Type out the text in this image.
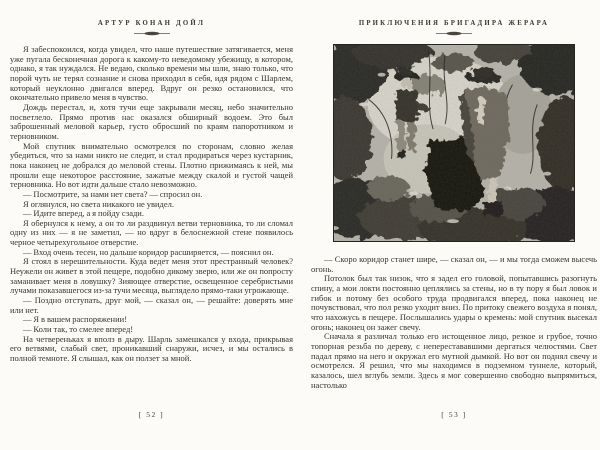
АРТУР КОНАН ДОЙЛ

Я забеспокоился, когда увидел, что наше путешествие затягивается, меня уже пугала бесконечная дорога к какому-то неведомому убежищу, в котором, однако, я так нуждался. Не ведаю, сколько времени мы шли, знаю только, что порой чуть не терял сознание и снова приходил в себя, идя рядом с Шарлем, который неуклонно двигался вперед. Вдруг он резко остановился, что окончательно привело меня в чувство.

Дождь перестал, и, хотя тучи еще закрывали месяц, небо значительно посветлело. Прямо против нас оказался обширный водоем. Это был заброшенный меловой карьер, густо обросший по краям папоротником и терновником.

Мой спутник внимательно осмотрелся по сторонам, словно желая убедиться, что за нами никто не следит, и стал продираться через кустарник, пока наконец не добрался до меловой стены. Плотно прижимаясь к ней, мы прошли еще некоторое расстояние, зажатые между скалой и густой чащей терновника. Но вот идти дальше стало невозможно.

— Посмотрите, за нами нет света? — спросил он.

Я оглянулся, но света никакого не увидел.

— Идите вперед, а я пойду сзади.

Я обернулся к нему, а он то ли раздвинул ветви терновника, то ли сломал одну из них — я не заметил, — но вдруг в белоснежной стене появилось черное четырехугольное отверстие.

— Вход очень тесен, но дальше коридор расширяется, — пояснил он.

Я стоял в нерешительности. Куда ведет меня этот престранный человек? Неужели он живет в этой пещере, подобно дикому зверю, или же он попросту заманивает меня в ловушку? Зияющее отверстие, освещенное серебристыми лучами показавшегося из-за тучи месяца, выглядело прямо-таки угрожающе.

— Поздно отступать, друг мой, — сказал он, — решайте: доверять мне или нет.

— Я в вашем распоряжении!

— Коли так, то смелее вперед!

На четвереньках я вполз в дыру. Шарль замешкался у входа, прикрывая его ветвями, слабый свет, проникавший снаружи, исчез, и мы остались в полной темноте. Я слышал, как он ползет за мной.

[ 52 ]
ПРИКЛЮЧЕНИЯ БРИГАДИРА ЖЕРАРА

— Скоро коридор станет шире, — сказал он, — и мы тогда сможем высечь огонь.

Потолок был так низок, что я задел его головой, попытавшись разогнуть спину, а мои локти постоянно цеплялись за стены, но в ту пору я был ловок и гибок и потому без особого труда продвигался вперед, пока наконец не почувствовал, что пол резко уходит вниз. По притоку свежего воздуха я понял, что нахожусь в пещере. Послышались удары о кремень: мой спутник высекал огонь; наконец он зажег свечу.

Сначала я различал только его истощенное лицо, резкое и грубое, точно топорная резьба по дереву, с неперестававшими дергаться челюстями. Свет падал прямо на него и окружал его мутной дымкой. Но вот он поднял свечу и осмотрелся. Я решил, что мы находимся в подземном туннеле, который, казалось, шел вглубь земли. Здесь я мог совершенно свободно выпрямиться, настолько

[ 53 ]
